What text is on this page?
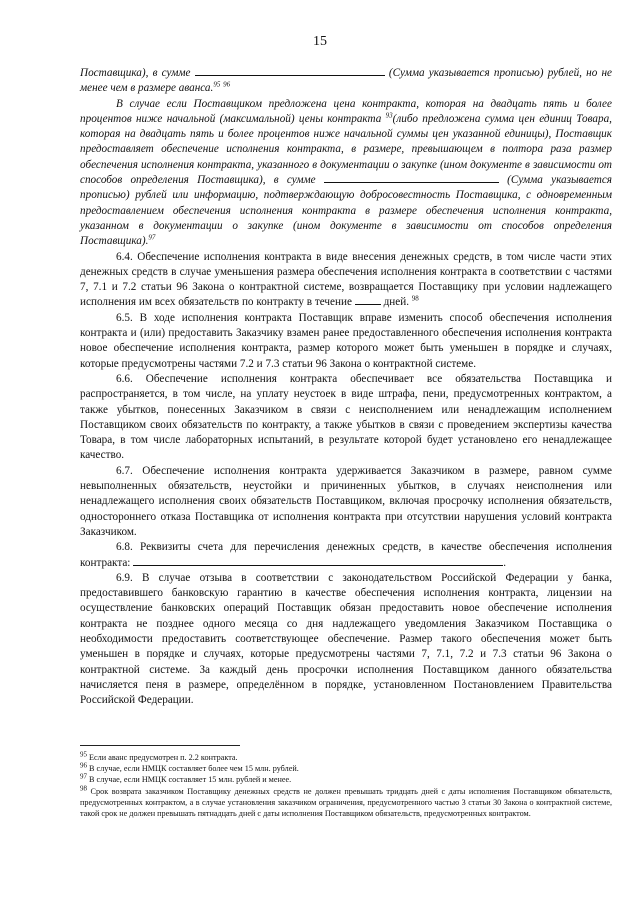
15

Поставщика), в сумме	(Сумма указывается прописью) рублей, но не менее чем в размере аванса.$^{95}$ $^{96}$

В случае если Поставщиком предложена цена контракта, которая на двадцать пять и более процентов ниже начальной (максимальной) цены контракта $^{93}$(либо предложена сумма цен единиц Товара, которая на двадцать пять и более процентов ниже начальной суммы цен указанной единицы), Поставщик предоставляет обеспечение исполнения контракта, в размере, превышающем в полтора раза размер обеспечения исполнения контракта, указанного в документации о закупке (ином документе в зависимости от способов определения Поставщика), в сумме	(Сумма указывается прописью) рублей или информацию, подтверждающую добросовестность Поставщика, с одновременным предоставлением обеспечения исполнения контракта в размере обеспечения исполнения контракта, указанном в документации о закупке (ином документе в зависимости от способов определения Поставщика).$^{97}$

6.4. Обеспечение исполнения контракта в виде внесения денежных средств, в том числе части этих денежных средств в случае уменьшения размера обеспечения исполнения контракта в соответствии с частями 7, 7.1 и 7.2 статьи 96 Закона о контрактной системе, возвращается Поставщику при условии надлежащего исполнения им всех обязательств по контракту в течение	дней. $^{98}$

6.5. В ходе исполнения контракта Поставщик вправе изменить способ обеспечения исполнения контракта и (или) предоставить Заказчику взамен ранее предоставленного обеспечения исполнения контракта новое обеспечение исполнения контракта, размер которого может быть уменьшен в порядке и случаях, которые предусмотрены частями 7.2 и 7.3 статьи 96 Закона о контрактной системе.

6.6. Обеспечение исполнения контракта обеспечивает все обязательства Поставщика и распространяется, в том числе, на уплату неустоек в виде штрафа, пени, предусмотренных контрактом, а также убытков, понесенных Заказчиком в связи с неисполнением или ненадлежащим исполнением Поставщиком своих обязательств по контракту, а также убытков в связи с проведением экспертизы качества Товара, в том числе лабораторных испытаний, в результате которой будет установлено его ненадлежащее качество.

6.7. Обеспечение исполнения контракта удерживается Заказчиком в размере, равном сумме невыполненных обязательств, неустойки и причиненных убытков, в случаях неисполнения или ненадлежащего исполнения своих обязательств Поставщиком, включая просрочку исполнения обязательств, одностороннего отказа Поставщика от исполнения контракта при отсутствии нарушения условий контракта Заказчиком.

6.8. Реквизиты счета для перечисления денежных средств, в качестве обеспечения исполнения контракта:	.

6.9. В случае отзыва в соответствии с законодательством Российской Федерации у банка, предоставившего банковскую гарантию в качестве обеспечения исполнения контракта, лицензии на осуществление банковских операций Поставщик обязан предоставить новое обеспечение исполнения контракта не позднее одного месяца со дня надлежащего уведомления Заказчиком Поставщика о необходимости предоставить соответствующее обеспечение. Размер такого обеспечения может быть уменьшен в порядке и случаях, которые предусмотрены частями 7, 7.1, 7.2 и 7.3 статьи 96 Закона о контрактной системе. За каждый день просрочки исполнения Поставщиком данного обязательства начисляется пеня в размере, определённом в порядке, установленном Постановлением Правительства Российской Федерации.

$^{95}$ Если аванс предусмотрен п. 2.2 контракта.

$^{96}$ В случае, если НМЦК составляет более чем 15 млн. рублей.

$^{97}$ В случае, если НМЦК составляет 15 млн. рублей и менее.

$^{98}$ Срок возврата заказчиком Поставщику денежных средств не должен превышать тридцать дней с даты исполнения Поставщиком обязательств, предусмотренных контрактом, а в случае установления заказчиком ограничения, предусмотренного частью 3 статьи 30 Закона о контрактной системе, такой срок не должен превышать пятнадцать дней с даты исполнения Поставщиком обязательств, предусмотренных контрактом.
